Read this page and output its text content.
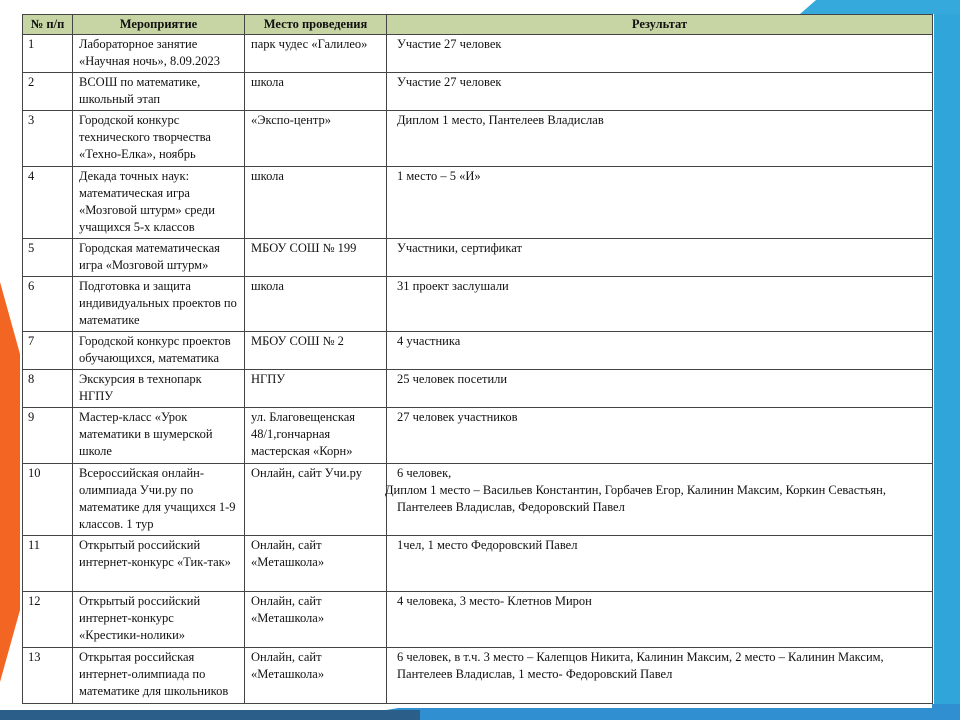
№ п/п	Мероприятие	Место проведения	Результат
1	Лабораторное занятие «Научная ночь», 8.09.2023	парк чудес «Галилео»	Участие 27 человек
2	ВСОШ по математике, школьный этап	школа	Участие 27 человек
3	Городской конкурс технического творчества «Техно-Елка», ноябрь	«Экспо-центр»	Диплом 1 место, Пантелеев Владислав
4	Декада точных наук: математическая игра «Мозговой штурм» среди учащихся 5-х классов	школа	1 место – 5 «И»
5	Городская математическая игра «Мозговой штурм»	МБОУ СОШ № 199	Участники, сертификат
6	Подготовка и защита индивидуальных проектов по математике	школа	31 проект заслушали
7	Городской конкурс проектов обучающихся, математика	МБОУ СОШ № 2	4 участника
8	Экскурсия в технопарк НГПУ	НГПУ	25 человек посетили
9	Мастер-класс «Урок математики в шумерской школе	ул. Благовещенская 48/1,гончарная мастерская «Корн»	27 человек участников
10	Всероссийская онлайн-олимпиада Учи.ру по математике для учащихся 1-9 классов. 1 тур	Онлайн, сайт Учи.ру	6 человек,
Диплом 1 место – Васильев Константин, Горбачев Егор, Калинин Максим, Коркин Севастьян,
Пантелеев Владислав, Федоровский Павел

11	Открытый российский интернет-конкурс «Тик-так»	Онлайн, сайт «Меташкола»	1чел, 1 место Федоровский Павел
12	Открытый российский интернет-конкурс «Крестики-нолики»	Онлайн, сайт «Меташкола»	4 человека, 3 место- Клетнов Мирон
13	Открытая российская интернет-олимпиада по математике для школьников	Онлайн, сайт «Меташкола»	6 человек, в т.ч. 3 место – Калепцов Никита, Калинин Максим, 2 место – Калинин Максим,
Пантелеев Владислав, 1 место- Федоровский Павел
